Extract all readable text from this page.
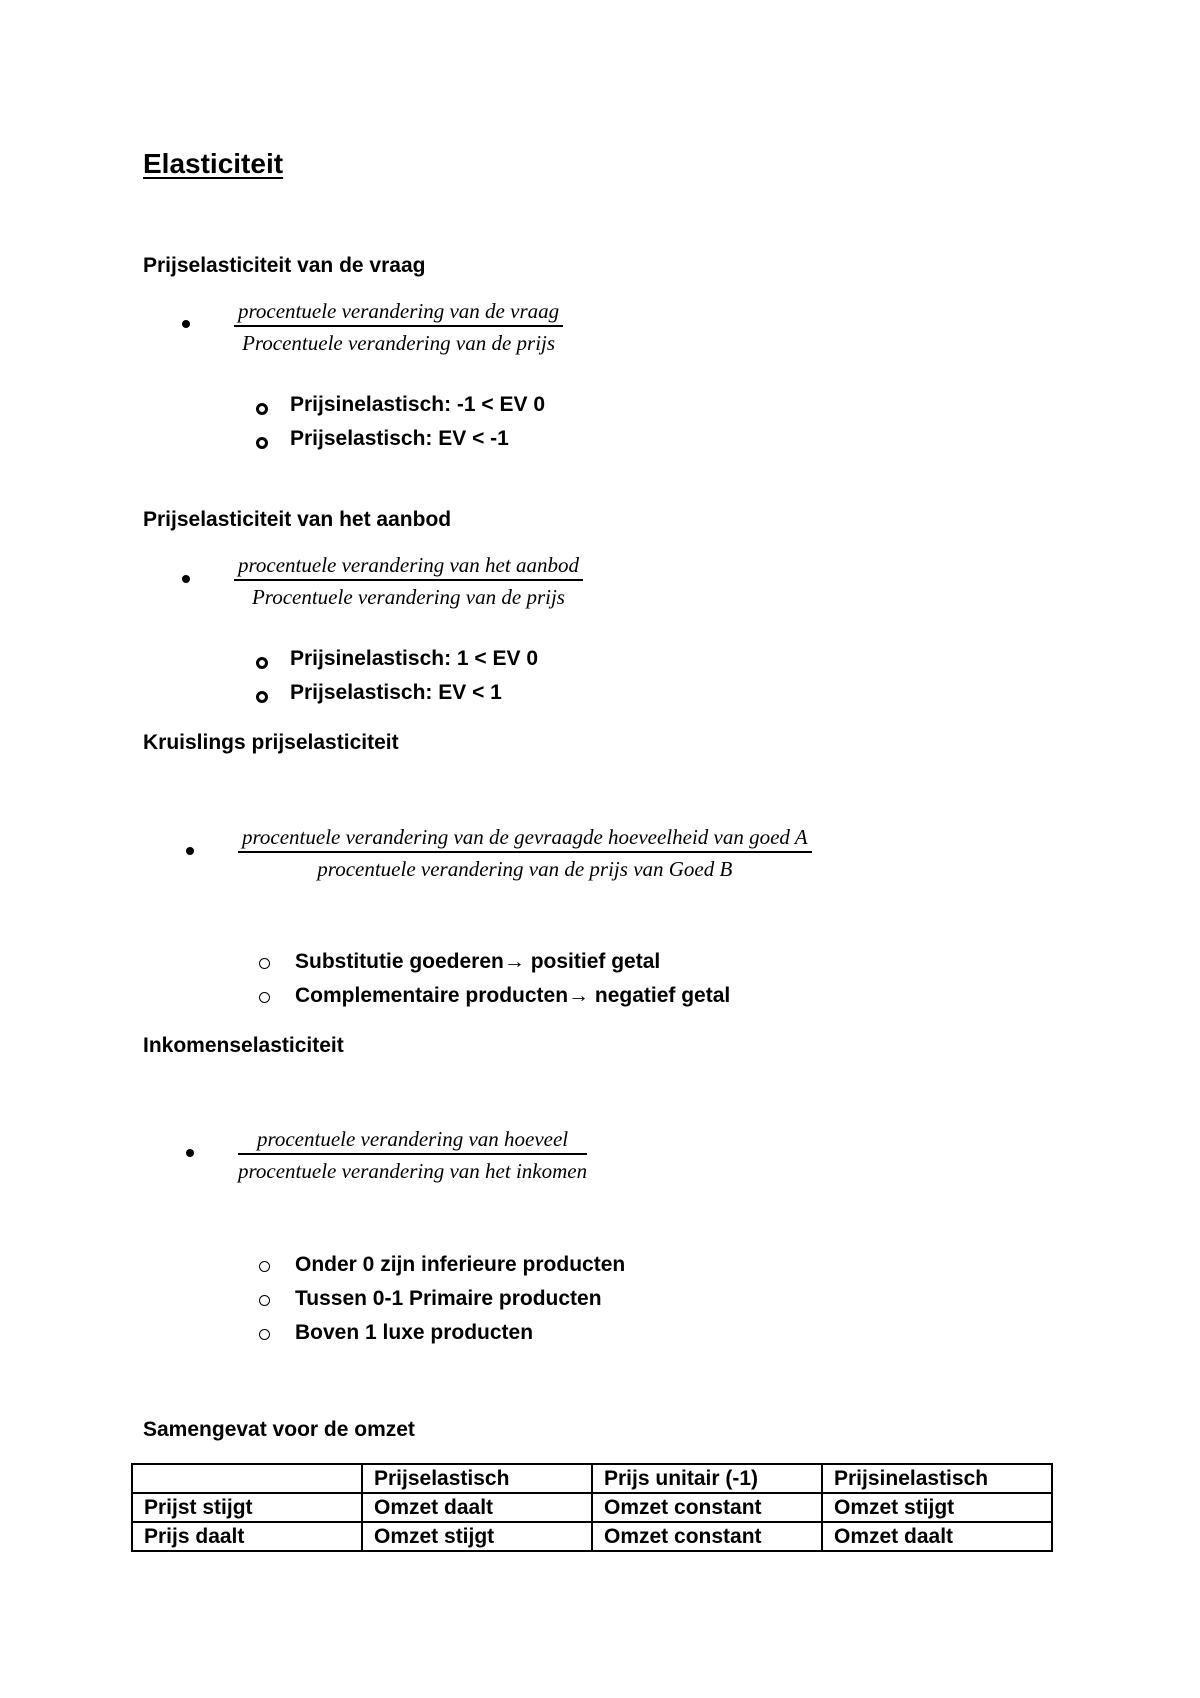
Elasticiteit
Prijselasticiteit van de vraag
procentuele verandering van de vraag
Procentuele verandering van de prijs
Prijsinelastisch: -1 < EV 0
Prijselastisch: EV < -1
Prijselasticiteit van het aanbod
procentuele verandering van het aanbod
Procentuele verandering van de prijs
Prijsinelastisch: 1 < EV 0
Prijselastisch: EV < 1
Kruislings prijselasticiteit
procentuele verandering van de gevraagde hoeveelheid van goed A
procentuele verandering van de prijs van Goed B
Substitutie goederen→ positief getal
Complementaire producten→ negatief getal
Inkomenselasticiteit
procentuele verandering van hoeveel
procentuele verandering van het inkomen
Onder 0 zijn inferieure producten
Tussen 0-1 Primaire producten
Boven 1 luxe producten
Samengevat voor de omzet
	Prijselastisch	Prijs unitair (-1)	Prijsinelastisch
Prijst stijgt	Omzet daalt	Omzet constant	Omzet stijgt
Prijs daalt	Omzet stijgt	Omzet constant	Omzet daalt
